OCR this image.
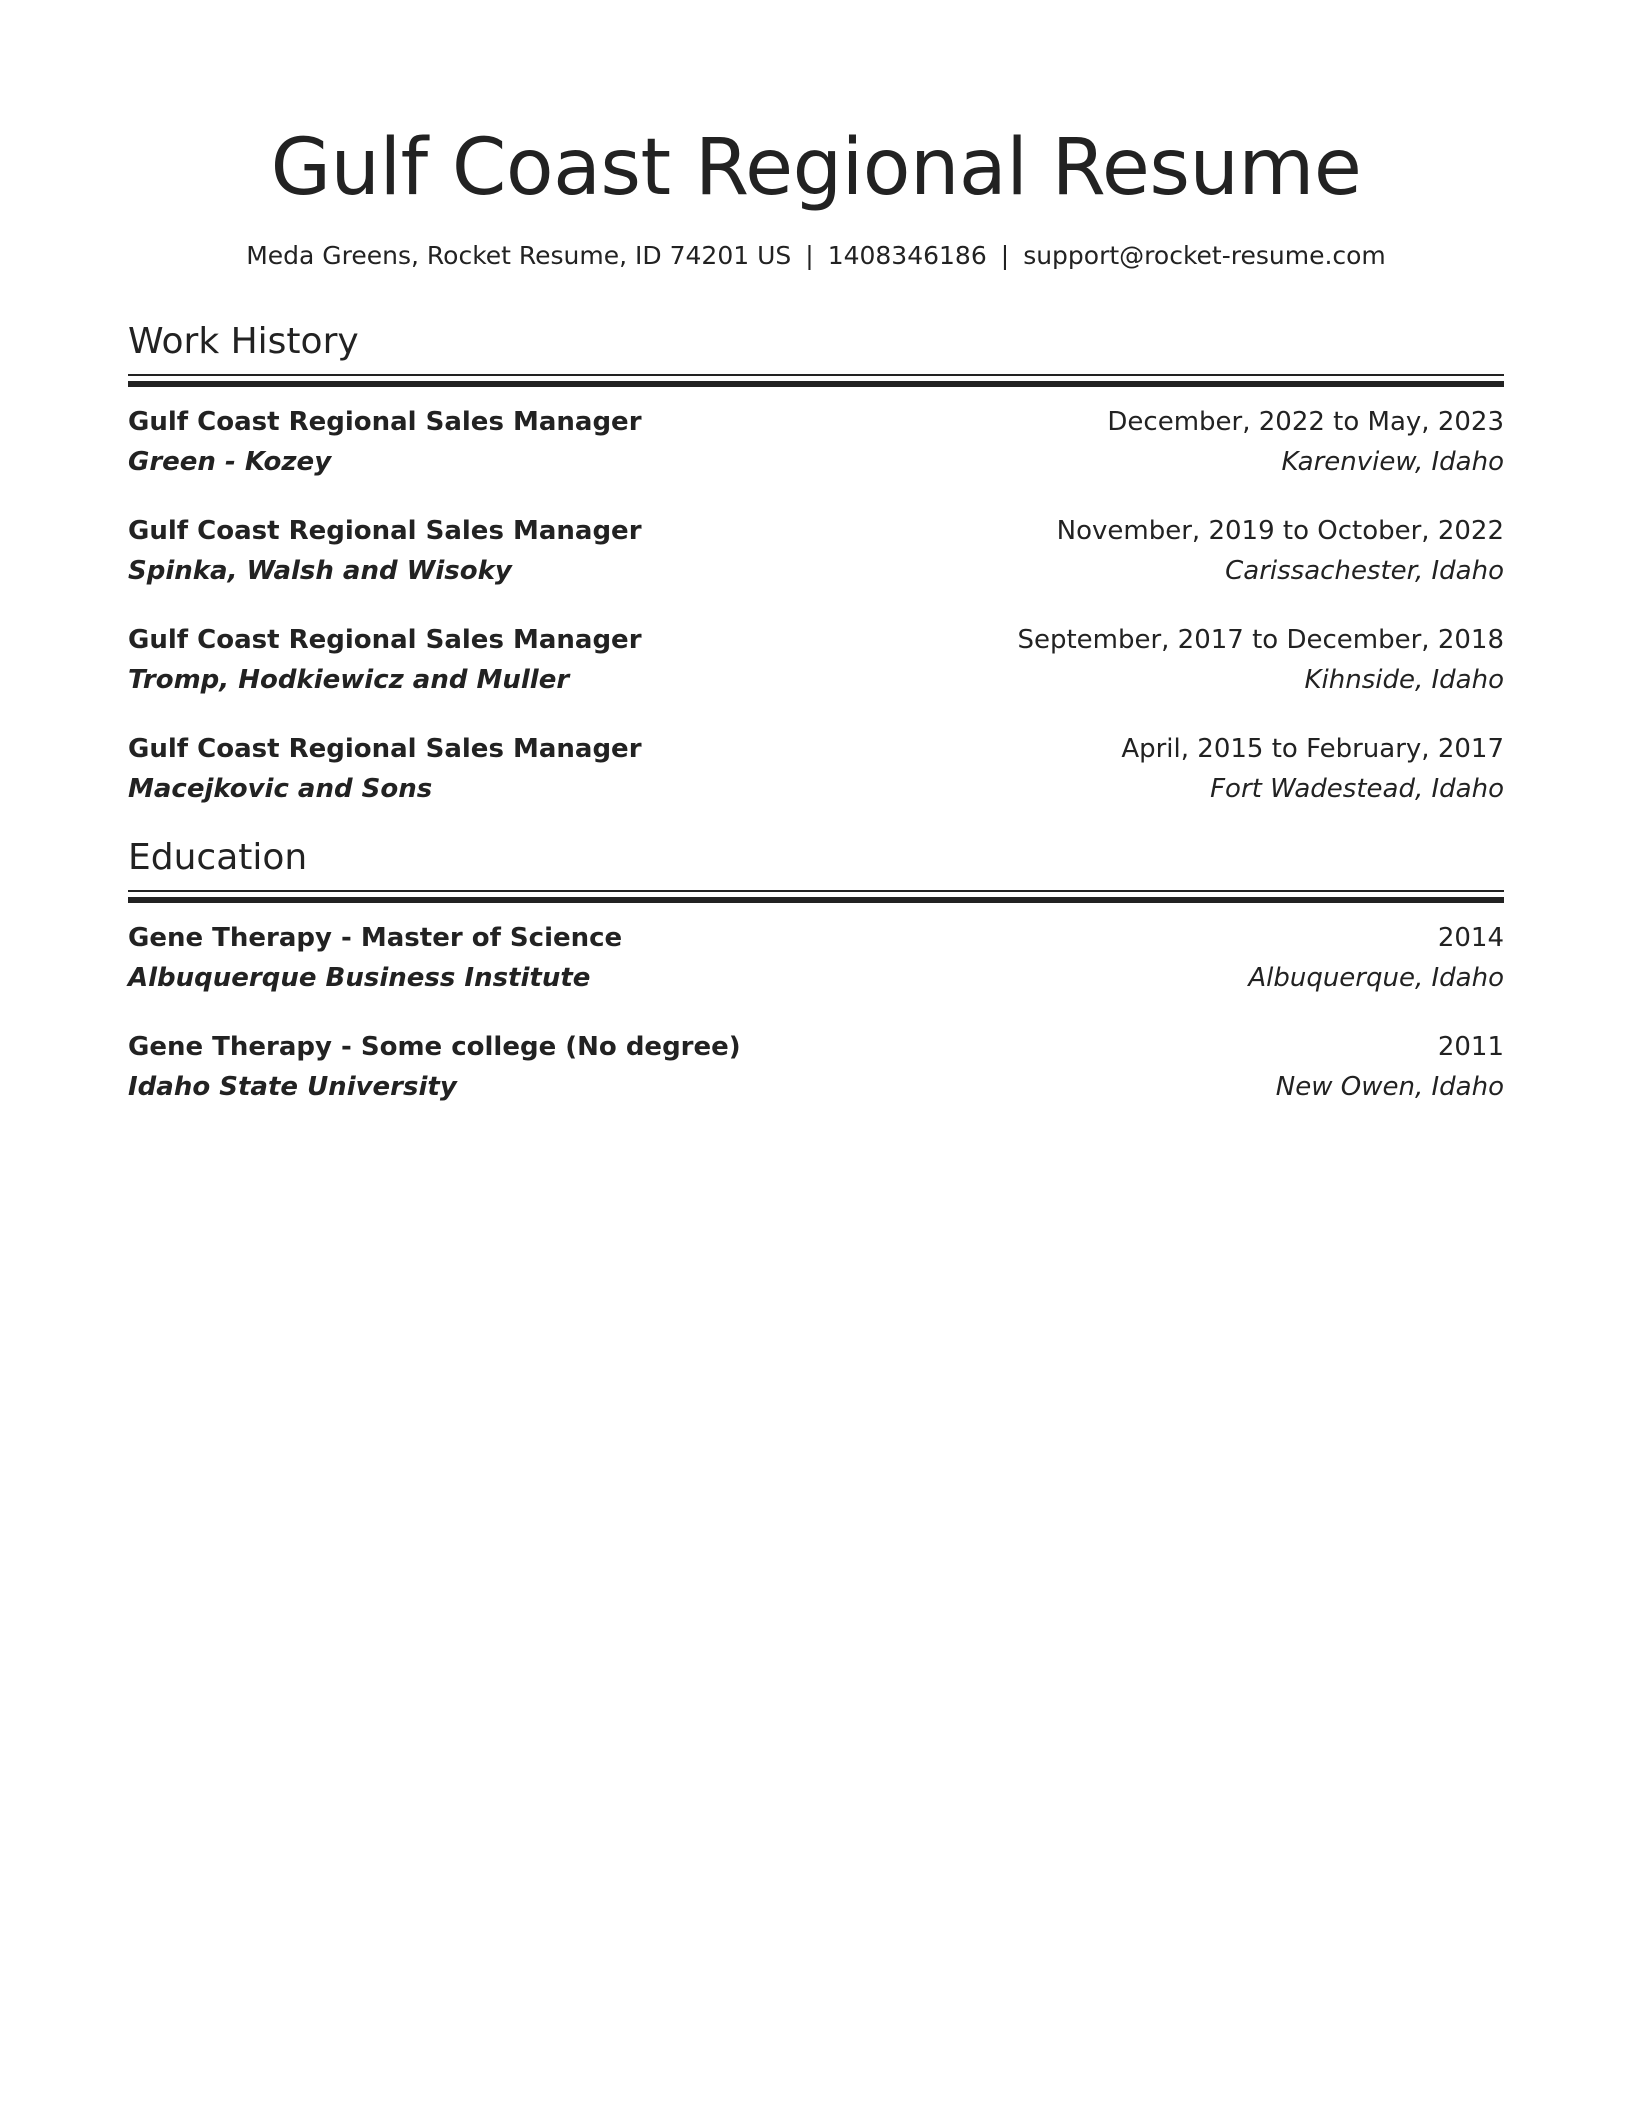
Gulf Coast Regional Resume
Meda Greens, Rocket Resume, ID 74201 US | 1408346186 | support@rocket-resume.com
Work History
Gulf Coast Regional Sales Manager	December, 2022 to May, 2023
Green - Kozey	Karenview, Idaho
Gulf Coast Regional Sales Manager	November, 2019 to October, 2022
Spinka, Walsh and Wisoky	Carissachester, Idaho
Gulf Coast Regional Sales Manager	September, 2017 to December, 2018
Tromp, Hodkiewicz and Muller	Kihnside, Idaho
Gulf Coast Regional Sales Manager	April, 2015 to February, 2017
Macejkovic and Sons	Fort Wadestead, Idaho
Education
Gene Therapy - Master of Science	2014
Albuquerque Business Institute	Albuquerque, Idaho
Gene Therapy - Some college (No degree)	2011
Idaho State University	New Owen, Idaho
